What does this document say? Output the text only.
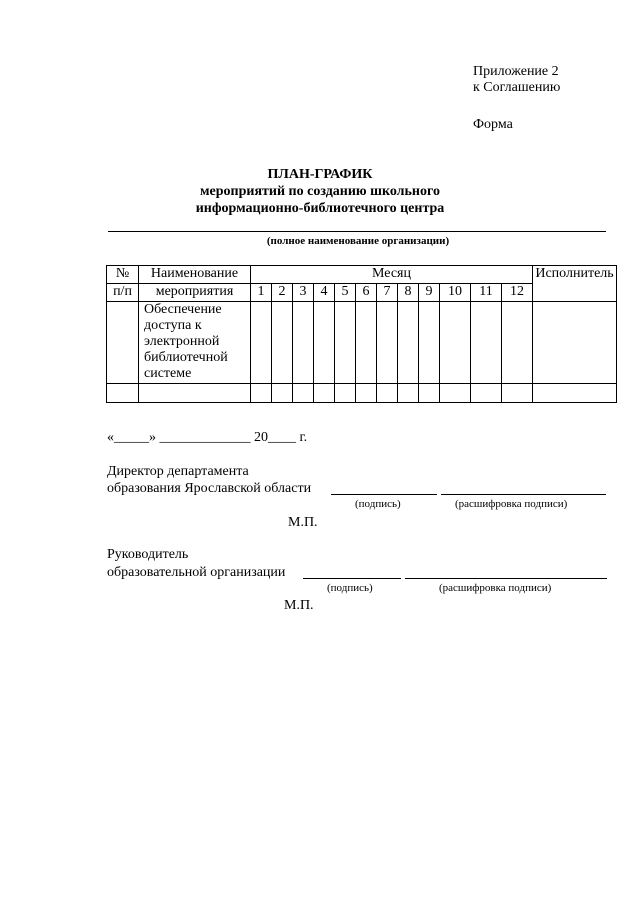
Приложение 2
к Соглашению
Форма
ПЛАН-ГРАФИК
мероприятий по созданию школьного
информационно-библиотечного центра
(полное наименование организации)
№	Наименование	Месяц												Исполнитель
п/п	мероприятия	1	2	3	4	5	6	7	8	9	10	11	12	

	Обеспечение
доступа к
электронной
библиотечной
системе													

«_____» _____________ 20____ г.
Директор департамента
образования Ярославской области
(подпись)	(расшифровка подписи)
М.П.
Руководитель
образовательной организации
(подпись)	(расшифровка подписи)
М.П.
